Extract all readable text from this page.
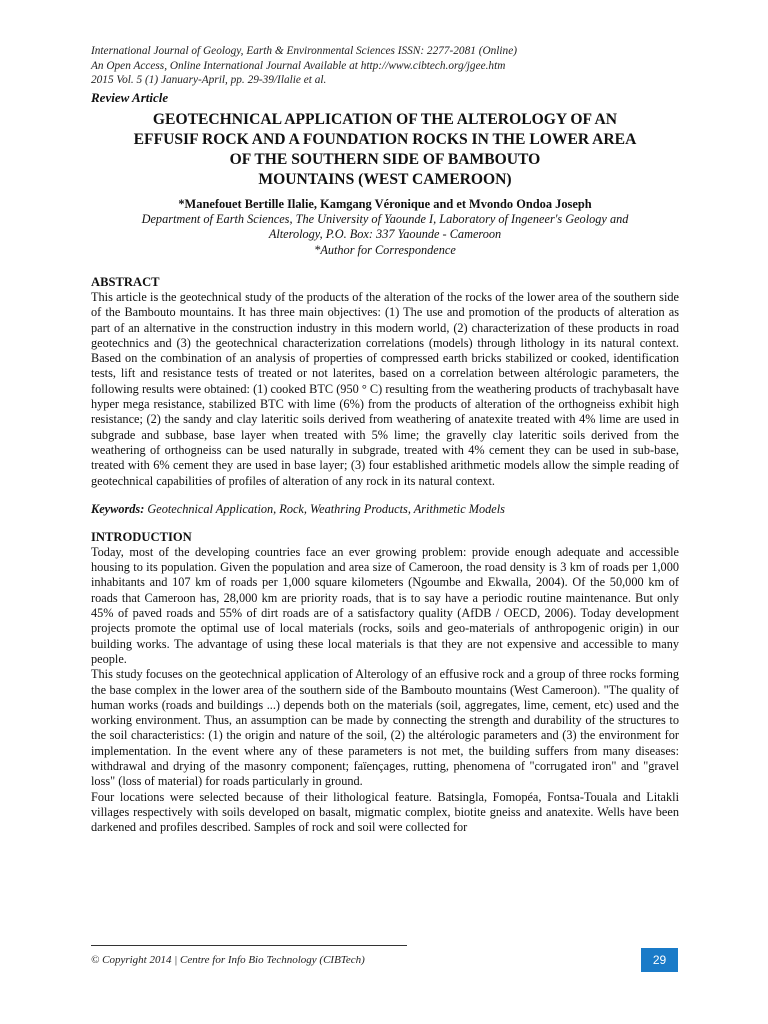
International Journal of Geology, Earth & Environmental Sciences ISSN: 2277-2081 (Online)
An Open Access, Online International Journal Available at http://www.cibtech.org/jgee.htm
2015 Vol. 5 (1) January-April, pp. 29-39/Ilalie et al.
Review Article
GEOTECHNICAL APPLICATION OF THE ALTEROLOGY OF AN
EFFUSIF ROCK AND A FOUNDATION ROCKS IN THE LOWER AREA
OF THE SOUTHERN SIDE OF BAMBOUTO
MOUNTAINS (WEST CAMEROON)
*Manefouet Bertille Ilalie, Kamgang Véronique and et Mvondo Ondoa Joseph
Department of Earth Sciences, The University of Yaounde I, Laboratory of Ingeneer's Geology and
Alterology, P.O. Box: 337 Yaounde - Cameroon
*Author for Correspondence
ABSTRACT

This article is the geotechnical study of the products of the alteration of the rocks of the lower area of the southern side of the Bambouto mountains. It has three main objectives: (1) The use and promotion of the products of alteration as part of an alternative in the construction industry in this modern world, (2) characterization of these products in road geotechnics and (3) the geotechnical characterization correlations (models) through lithology in its natural context. Based on the combination of an analysis of properties of compressed earth bricks stabilized or cooked, identification tests, lift and resistance tests of treated or not laterites, based on a correlation between altérologic parameters, the following results were obtained: (1) cooked BTC (950 ° C) resulting from the weathering products of trachybasalt have hyper mega resistance, stabilized BTC with lime (6%) from the products of alteration of the orthogneiss exhibit high resistance; (2) the sandy and clay lateritic soils derived from weathering of anatexite treated with 4% lime are used in subgrade and subbase, base layer when treated with 5% lime; the gravelly clay lateritic soils derived from the weathering of orthogneiss can be used naturally in subgrade, treated with 4% cement they can be used in sub-base, treated with 6% cement they are used in base layer; (3) four established arithmetic models allow the simple reading of geotechnical capabilities of profiles of alteration of any rock in its natural context.

Keywords: Geotechnical Application, Rock, Weathring Products, Arithmetic Models
INTRODUCTION

Today, most of the developing countries face an ever growing problem: provide enough adequate and accessible housing to its population. Given the population and area size of Cameroon, the road density is 3 km of roads per 1,000 inhabitants and 107 km of roads per 1,000 square kilometers (Ngoumbe and Ekwalla, 2004). Of the 50,000 km of roads that Cameroon has, 28,000 km are priority roads, that is to say have a periodic routine maintenance. But only 45% of paved roads and 55% of dirt roads are of a satisfactory quality (AfDB / OECD, 2006). Today development projects promote the optimal use of local materials (rocks, soils and geo-materials of anthropogenic origin) in our building works. The advantage of using these local materials is that they are not expensive and accessible to many people.

This study focuses on the geotechnical application of Alterology of an effusive rock and a group of three rocks forming the base complex in the lower area of the southern side of the Bambouto mountains (West Cameroon). "The quality of human works (roads and buildings ...) depends both on the materials (soil, aggregates, lime, cement, etc) used and the working environment. Thus, an assumption can be made by connecting the strength and durability of the structures to the soil characteristics: (1) the origin and nature of the soil, (2) the altérologic parameters and (3) the environment for implementation. In the event where any of these parameters is not met, the building suffers from many diseases: withdrawal and drying of the masonry component; faïençages, rutting, phenomena of "corrugated iron" and "gravel loss" (loss of material) for roads particularly in ground.

Four locations were selected because of their lithological feature. Batsingla, Fomopéa, Fontsa-Touala and Litakli villages respectively with soils developed on basalt, migmatic complex, biotite gneiss and anatexite. Wells have been darkened and profiles described. Samples of rock and soil were collected for

© Copyright 2014 | Centre for Info Bio Technology (CIBTech)	29
